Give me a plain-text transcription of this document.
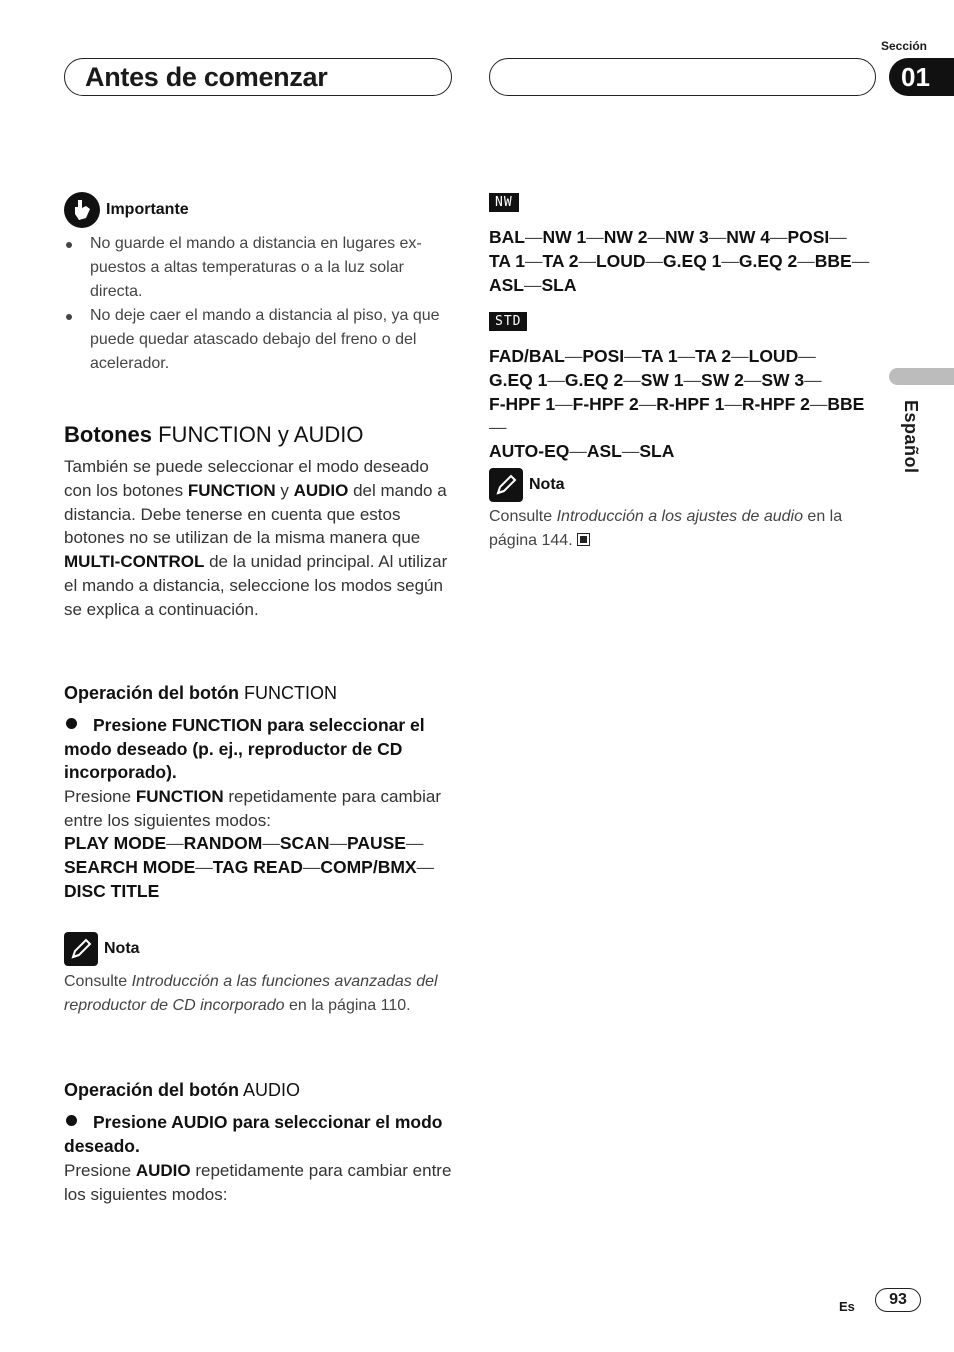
Antes de comenzar
Sección
01
Español
Importante
No guarde el mando a distancia en lugares ex-puestos a altas temperaturas o a la luz solar directa.
No deje caer el mando a distancia al piso, ya que puede quedar atascado debajo del freno o del acelerador.
Botones FUNCTION y AUDIO

También se puede seleccionar el modo deseado con los botones FUNCTION y AUDIO del mando a distancia. Debe tenerse en cuenta que estos botones no se utilizan de la misma manera que MULTI-CONTROL de la unidad principal. Al utilizar el mando a distancia, seleccione los modos según se explica a continuación.

Operación del botón FUNCTION
Presione FUNCTION para seleccionar el modo deseado (p. ej., reproductor de CD incorporado).

Presione FUNCTION repetidamente para cambiar entre los siguientes modos:

PLAY MODE—RANDOM—SCAN—PAUSE—
SEARCH MODE—TAG READ—COMP/BMX—
DISC TITLE
Nota

Consulte Introducción a las funciones avanzadas del reproductor de CD incorporado en la página 110.

Operación del botón AUDIO
Presione AUDIO para seleccionar el modo deseado.

Presione AUDIO repetidamente para cambiar entre los siguientes modos:

NW
BAL—NW 1—NW 2—NW 3—NW 4—POSI—
TA 1—TA 2—LOUD—G.EQ 1—G.EQ 2—BBE—
ASL—SLA
STD
FAD/BAL—POSI—TA 1—TA 2—LOUD—
G.EQ 1—G.EQ 2—SW 1—SW 2—SW 3—
F-HPF 1—F-HPF 2—R-HPF 1—R-HPF 2—BBE—
AUTO-EQ—ASL—SLA
Nota

Consulte Introducción a los ajustes de audio en la página 144.

Es	93
